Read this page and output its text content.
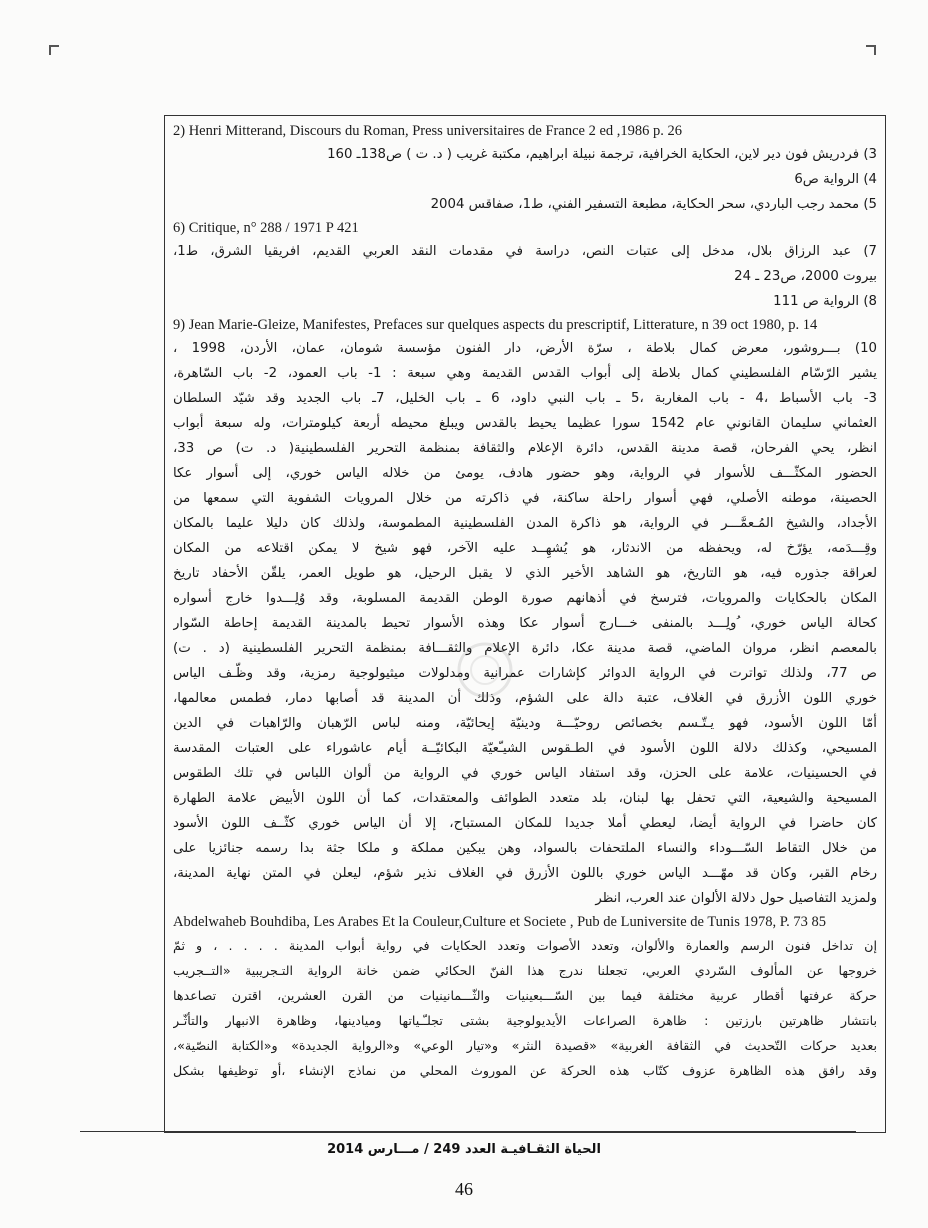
2) Henri Mitterand, Discours du Roman, Press universitaires de France 2 ed ,1986 p. 26
3) فردريش فون دير لاين، الحكاية الخرافية، ترجمة نبيلة ابراهيم، مكتبة غريب ( د. ت ) ص138ـ 160
4) الرواية ص6
5) محمد رجب الباردي، سحر الحكاية، مطبعة التسفير الفني، ط1، صفاقس 2004
6) Critique, n° 288 / 1971 P 421
7) عبد الرزاق بلال، مدخل إلى عتبات النص، دراسة في مقدمات النقد العربي القديم، افريقيا الشرق، ط1،
بيروت 2000، ص23 ـ 24
8) الرواية ص 111
9) Jean Marie-Gleize, Manifestes, Prefaces sur quelques aspects du prescriptif, Litterature, n 39 oct 1980, p. 14
10) بـــروشور، معرض كمال بلاطة ، سرّة الأرض، دار الفنون مؤسسة شومان، عمان، الأردن، 1998 ،
يشير الرّسّام الفلسطيني كمال بلاطة إلى أبواب القدس القديمة وهي سبعة : 1- باب العمود، 2- باب السّاهرة،
3- باب الأسباط ،4 - باب المغاربة ،5 ـ باب النبي داود، 6 ـ باب الخليل، 7ـ باب الجديد وقد شيّد السلطان
العثماني سليمان القانوني عام 1542 سورا عظيما يحيط بالقدس ويبلغ محيطه أربعة كيلومترات، وله سبعة أبواب
انظر، يحي الفرحان، قصة مدينة القدس، دائرة الإعلام والثقافة بمنظمة التحرير الفلسطينية( د. ت) ص 33،
الحضور المكثّـــف للأسوار في الرواية، وهو حضور هادف، يومئ من خلاله الياس خوري، إلى أسوار عكا
الحصينة، موطنه الأصلي، فهي أسوار راحلة ساكنة، في ذاكرته من خلال المرويات الشفوية التي سمعها من
الأجداد، والشيخ المُـعمَّـــر في الرواية، هو ذاكرة المدن الفلسطينية المطموسة، ولذلك كان دليلا عليما بالمكان
وقِـــدَمه، يؤرّخ له، ويحفظه من الاندثار، هو يُشهِــد عليه الآخر، فهو شيخ لا يمكن اقتلاعه من المكان
لعراقة جذوره فيه، هو التاريخ، هو الشاهد الأخير الذي لا يقبل الرحيل، هو طويل العمر، يلقّن الأحفاد تاريخ
المكان بالحكايات والمرويات، فترسخ في أذهانهم صورة الوطن القديمة المسلوبة، وقد وُلِـــدوا خارج أسواره
كحالة الياس خوري، ُولِـــد بالمنفى خـــارج أسوار عكا وهذه الأسوار تحيط بالمدينة القديمة إحاطة السّوار
بالمعصم انظر، مروان الماضي، قصة مدينة عكا، دائرة الإعلام والثقـــافة بمنظمة التحرير الفلسطينية (د . ت)
ص 77، ولذلك تواترت في الرواية الدوائر كإشارات عمرانية ومدلولات ميثيولوجية رمزية، وقد وظّـف الياس
خوري اللون الأزرق في الغلاف، عتبة دالة على الشؤم، وذلك أن المدينة قد أصابها دمار، فطمس معالمها،
أمّا اللون الأسود، فهو يـتّـسم بخصائص روحيّـــة ودينيّة إيحائيّة، ومنه لباس الرّهبان والرّاهبات في الدين
المسيحي، وكذلك دلالة اللون الأسود في الطـقوس الشيـّعيّة البكائيّــة أيام عاشوراء على العتبات المقدسة
في الحسينيات، علامة على الحزن، وقد استفاد الياس خوري في الرواية من ألوان اللباس في تلك الطقوس
المسيحية والشيعية، التي تحفل بها لبنان، بلد متعدد الطوائف والمعتقدات، كما أن اللون الأبيض علامة الطهارة
كان حاضرا في الرواية أيضا، ليعطي أملا جديدا للمكان المستباح، إلا أن الياس خوري كثّــف اللون الأسود
من خلال التقاط السّـــوداء والنساء الملتحفات بالسواد، وهن يبكين مملكة و ملكا جثة بدا رسمه جنائزيا على
رخام القبر، وكان قد مهّـــد الياس خوري باللون الأزرق في الغلاف نذير شؤم، ليعلن في المتن نهاية المدينة،
ولمزيد التفاصيل حول دلالة الألوان عند العرب، انظر
Abdelwaheb Bouhdiba, Les Arabes Et la Couleur,Culture et Societe , Pub de Luniversite de Tunis 1978, P. 73 85
إن تداخل فنون الرسم والعمارة والألوان، وتعدد الأصوات وتعدد الحكايات في رواية أبواب المدينة . . . . ، و ثمّ
خروجها عن المألوف السّردي العربي، تجعلنا ندرج هذا الفنّ الحكائي ضمن خانة الرواية التـجريبية «التــجريب
حركة عرفتها أقطار عربية مختلفة فيما بين السّـــبعينيات والثّـــمانينيات من القرن العشرين، اقترن تصاعدها
بانتشار ظاهرتين بارزتين : ظاهرة الصراعات الأيديولوجية بشتى تجلـّـياتها وميادينها، وظاهرة الانبهار والتأثّـر
بعديد حركات التّحديث في الثقافة الغربية» «قصيدة النثر» و«تيار الوعي» و«الرواية الجديدة» و«الكتابة النصّية»،
وقد رافق هذه الظاهرة عزوف كتّاب هذه الحركة عن الموروث المحلي من نماذج الإنشاء ،أو توظيفها بشكل
الحياة الثقـافيـة العدد 249 / مـــارس 2014
46
